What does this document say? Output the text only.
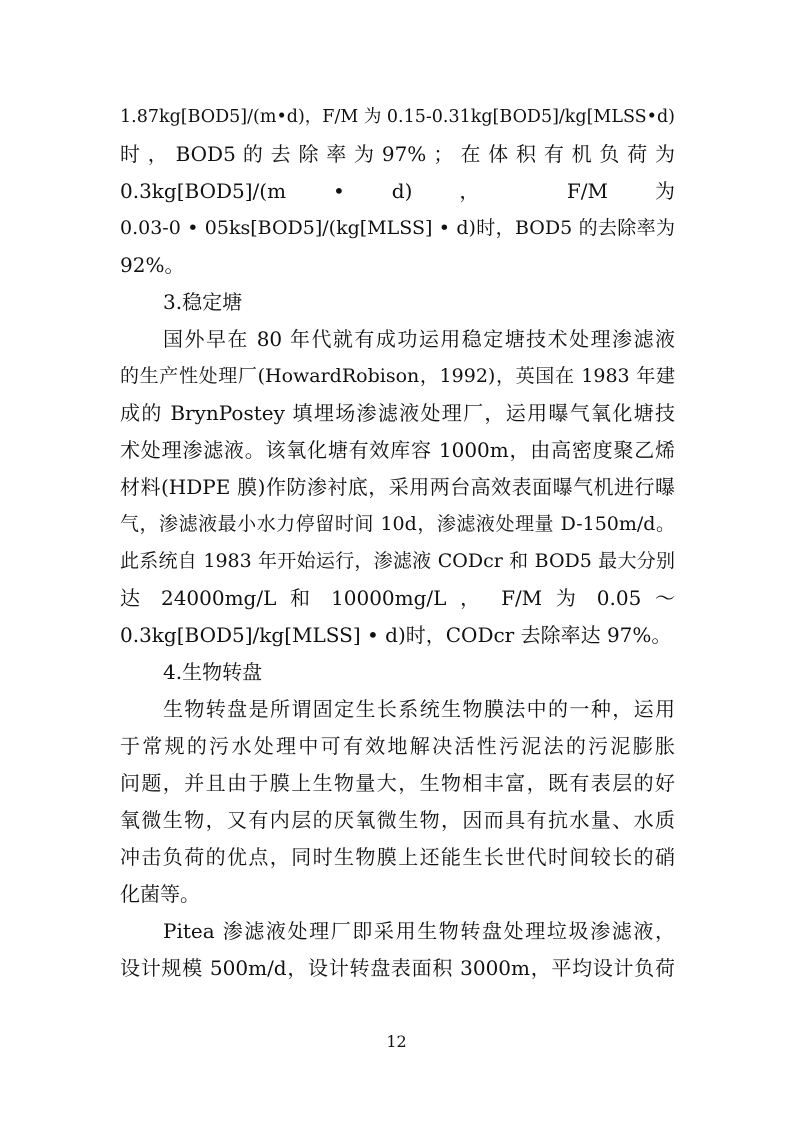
1.87kg[BOD5]/(m•d)，F/M 为 0.15-0.31kg[BOD5]/kg[MLSS•d)
时 ， BOD5 的 去 除 率 为 97% ； 在 体 积 有 机 负 荷 为
0.3kg[BOD5]/(m • d) ， F/M 为
0.03-0 • 05ks[BOD5]/(kg[MLSS] • d)时，BOD5 的去除率为
92%。
3.稳定塘
国外早在 80 年代就有成功运用稳定塘技术处理渗滤液
的生产性处理厂(HowardRobison，1992)，英国在 1983 年建
成的 BrynPostey 填埋场渗滤液处理厂，运用曝气氧化塘技
术处理渗滤液。该氧化塘有效库容 1000m，由高密度聚乙烯
材料(HDPE 膜)作防渗衬底，采用两台高效表面曝气机进行曝
气，渗滤液最小水力停留时间 10d，渗滤液处理量 D-150m/d。
此系统自 1983 年开始运行，渗滤液 CODcr 和 BOD5 最大分别
达 24000mg/L 和 10000mg/L ， F/M 为 0.05 ～
0.3kg[BOD5]/kg[MLSS] • d)时，CODcr 去除率达 97%。
4.生物转盘
生物转盘是所谓固定生长系统生物膜法中的一种，运用
于常规的污水处理中可有效地解决活性污泥法的污泥膨胀
问题，并且由于膜上生物量大，生物相丰富，既有表层的好
氧微生物，又有内层的厌氧微生物，因而具有抗水量、水质
冲击负荷的优点，同时生物膜上还能生长世代时间较长的硝
化菌等。
Pitea 渗滤液处理厂即采用生物转盘处理垃圾渗滤液，
设计规模 500m/d，设计转盘表面积 3000m，平均设计负荷
12
